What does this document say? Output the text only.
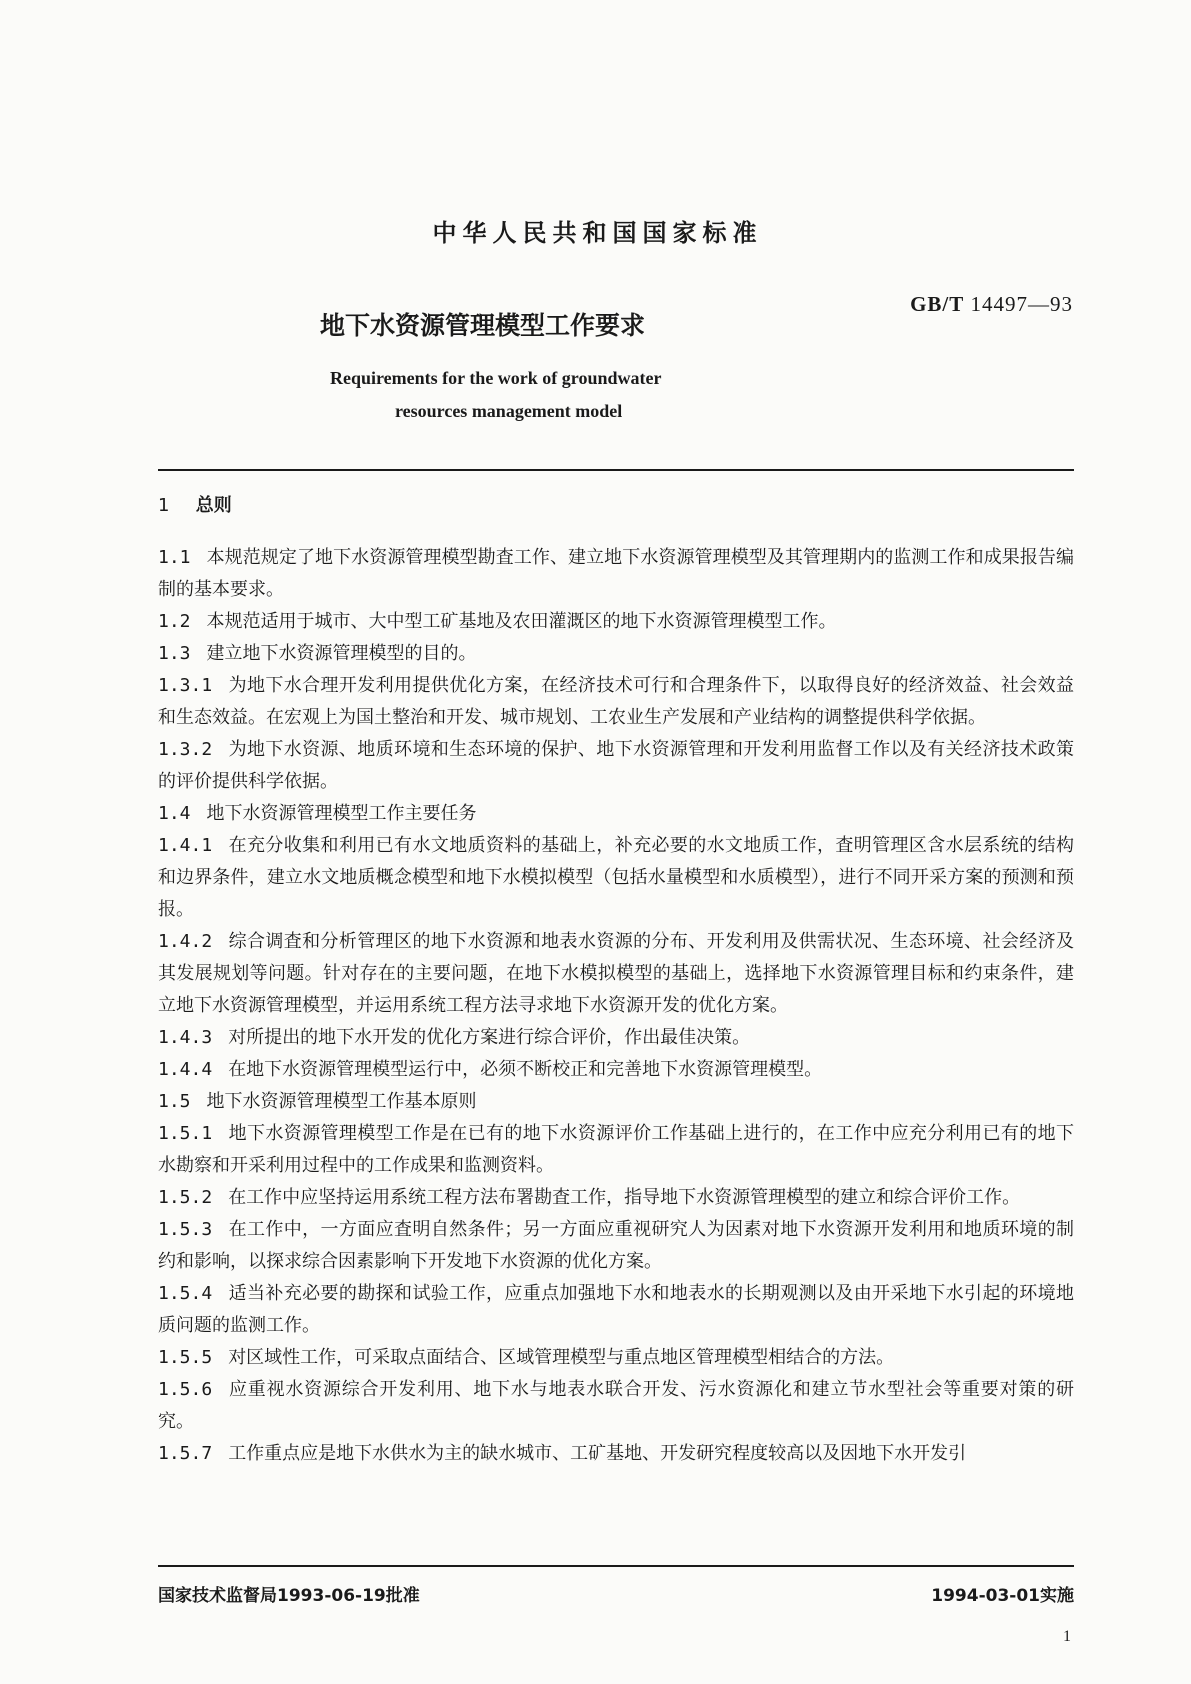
中华人民共和国国家标准
地下水资源管理模型工作要求
GB/T 14497—93
Requirements for the work of groundwater
resources management model
1 总则

1.1 本规范规定了地下水资源管理模型勘査工作、建立地下水资源管理模型及其管理期内的监测工作和成果报告编制的基本要求。

1.2 本规范适用于城市、大中型工矿基地及农田灌溉区的地下水资源管理模型工作。

1.3 建立地下水资源管理模型的目的。

1.3.1 为地下水合理开发利用提供优化方案，在经济技术可行和合理条件下，以取得良好的经济效益、社会效益和生态效益。在宏观上为国土整治和开发、城市规划、工农业生产发展和产业结构的调整提供科学依据。

1.3.2 为地下水资源、地质环境和生态环境的保护、地下水资源管理和开发利用监督工作以及有关经济技术政策的评价提供科学依据。

1.4 地下水资源管理模型工作主要任务

1.4.1 在充分收集和利用已有水文地质资料的基础上，补充必要的水文地质工作，査明管理区含水层系统的结构和边界条件，建立水文地质概念模型和地下水模拟模型（包括水量模型和水质模型），进行不同开采方案的预测和预报。

1.4.2 综合调査和分析管理区的地下水资源和地表水资源的分布、开发利用及供需状况、生态环境、社会经济及其发展规划等问题。针对存在的主要问题，在地下水模拟模型的基础上，选择地下水资源管理目标和约束条件，建立地下水资源管理模型，并运用系统工程方法寻求地下水资源开发的优化方案。

1.4.3 对所提出的地下水开发的优化方案进行综合评价，作出最佳决策。

1.4.4 在地下水资源管理模型运行中，必须不断校正和完善地下水资源管理模型。

1.5 地下水资源管理模型工作基本原则

1.5.1 地下水资源管理模型工作是在已有的地下水资源评价工作基础上进行的，在工作中应充分利用已有的地下水勘察和开采利用过程中的工作成果和监测资料。

1.5.2 在工作中应坚持运用系统工程方法布署勘査工作，指导地下水资源管理模型的建立和综合评价工作。

1.5.3 在工作中，一方面应査明自然条件；另一方面应重视研究人为因素对地下水资源开发利用和地质环境的制约和影响，以探求综合因素影响下开发地下水资源的优化方案。

1.5.4 适当补充必要的勘探和试验工作，应重点加强地下水和地表水的长期观测以及由开采地下水引起的环境地质问题的监测工作。

1.5.5 对区域性工作，可采取点面结合、区域管理模型与重点地区管理模型相结合的方法。

1.5.6 应重视水资源综合开发利用、地下水与地表水联合开发、污水资源化和建立节水型社会等重要对策的研究。

1.5.7 工作重点应是地下水供水为主的缺水城市、工矿基地、开发研究程度较高以及因地下水开发引

国家技术监督局1993-06-19批准	1994-03-01实施
1
